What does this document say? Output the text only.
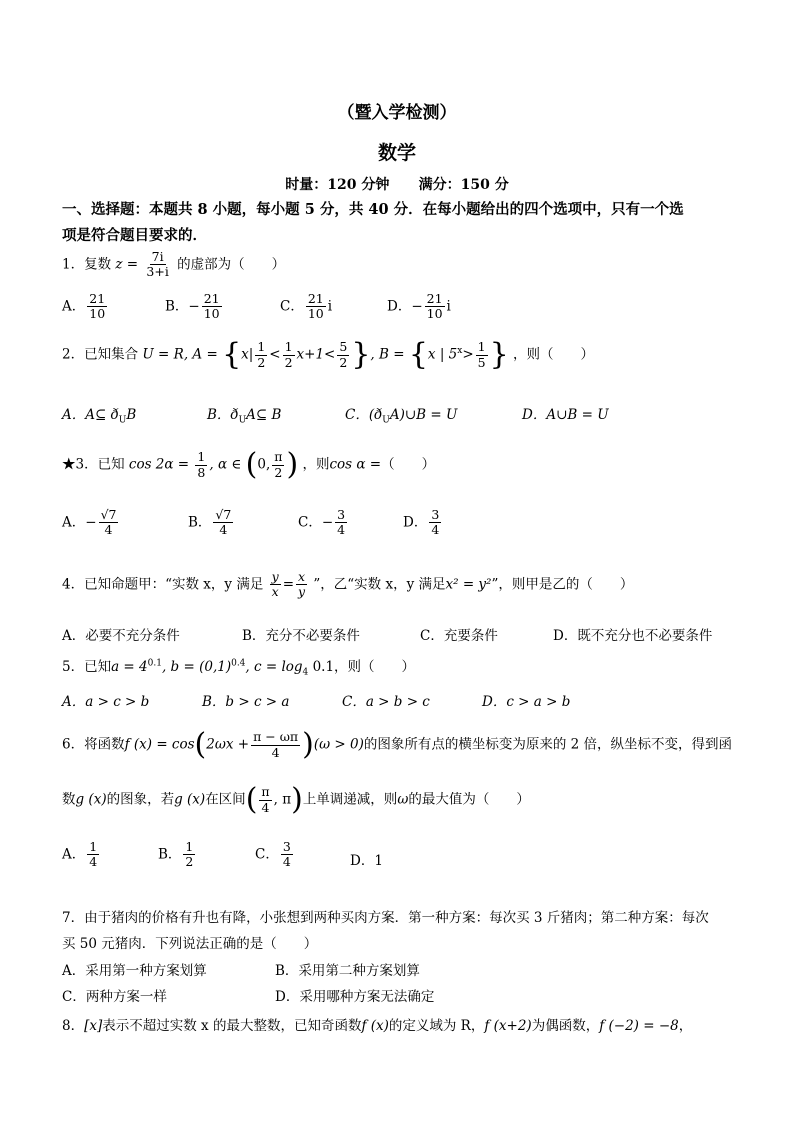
（暨入学检测）
数学
时量：120 分钟      满分：150 分
一、选择题：本题共 8 小题，每小题 5 分，共 40 分．在每小题给出的四个选项中，只有一个选
项是符合题目要求的．
1．复数 $z = \frac{7i}{3+i}$ 的虚部为（　　）
A． $\frac{21}{10}$	B．− $\frac{21}{10}$	C． $\frac{21}{10}$ i	D．− $\frac{21}{10}$ i
2．已知集合 U = R, $A = \{x| \frac{1}{2} < \frac{1}{2} x+1< \frac{5}{2}$ }, B = {x | $5^x> \frac{1}{5}$ } ，则（　　）
A．A⊆ $ð_UB$	B．$ð_UA⊆$ B	C．$(ð_UA)\cup B = U$	D．A∪B = U
★3．已知 $\cos 2\alpha = \frac{1}{8}$ , α ∈ (0, $\frac{\pi}{2}$ ) ，则cos α =（　　）
A．− $\frac{√7}{4}$	B． $\frac{√7}{4}$	C．− $\frac{3}{4}$	D． $\frac{3}{4}$
4．已知命题甲：“实数 x，y 满足 $\frac{y}{x} = \frac{x}{y}$ ”，乙“实数 x，y 满足x² = y²”，则甲是乙的（　　）
A．必要不充分条件	B．充分不必要条件	C．充要条件	D．既不充分也不必要条件
5．已知$a = 4^{0.1}$, $b = (0,1)^{0.4}$, $c = \log_4 0.1$，则（　　）
A．a > c > b	B．b > c > a	C．a > b > c	D．c > a > b
6．将函数f $(x) = \cos(2\omega x + \frac{\pi - \omega\pi}{4} )(\omega > 0)$的图象所有点的横坐标变为原来的 2 倍，纵坐标不变，得到函
数g (x)的图象，若g (x)在区间( $\frac{\pi}{4}$ , π)上单调递减，则ω的最大值为（　　）
A． $\frac{1}{4}$	B． $\frac{1}{2}$	C． $\frac{3}{4}$	D．1
7．由于猪肉的价格有升也有降，小张想到两种买肉方案．第一种方案：每次买 3 斤猪肉；第二种方案：每次
买 50 元猪肉．下列说法正确的是（　　）
A．采用第一种方案划算	B．采用第二种方案划算
C．两种方案一样	D．采用哪种方案无法确定
8．[x]表示不超过实数 x 的最大整数，已知奇函数f (x)的定义域为 R，f (x+2)为偶函数，f (−2) = −8，
